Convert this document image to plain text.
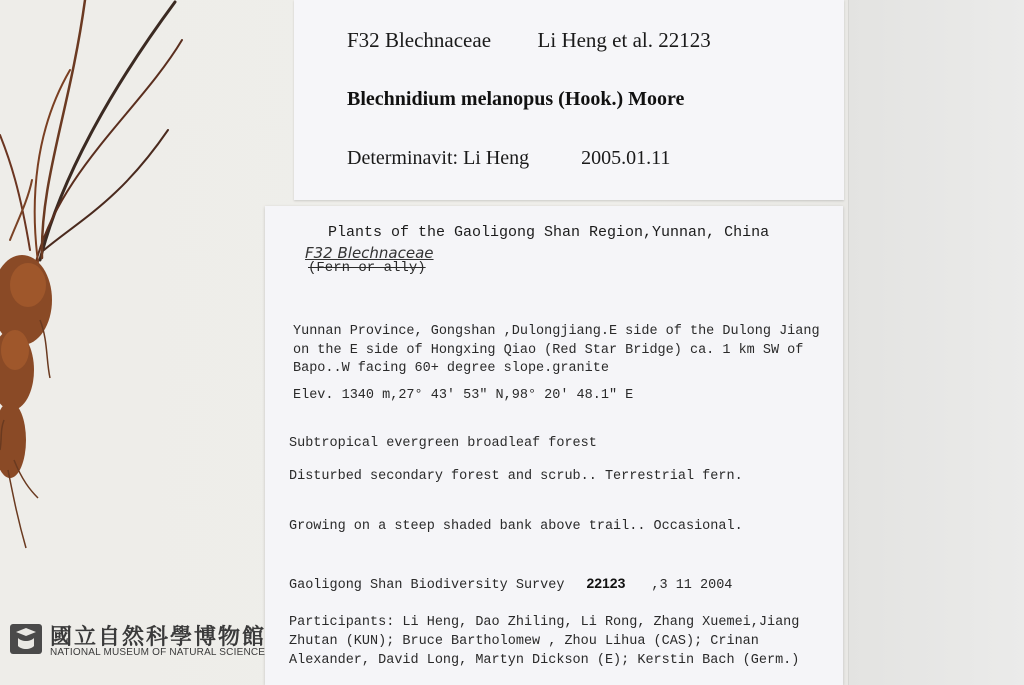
F32 Blechnaceae Li Heng et al. 22123
Blechnidium melanopus (Hook.) Moore
Determinavit: Li Heng	2005.01.11
Plants of the Gaoligong Shan Region,Yunnan, China
F32 Blechnaceae
(Fern or ally)
Yunnan Province, Gongshan ,Dulongjiang.E side of the Dulong Jiang
on the E side of Hongxing Qiao (Red Star Bridge) ca. 1 km SW of
Bapo..W facing 60+ degree slope.granite
Elev. 1340 m,27° 43′ 53″ N,98° 20′ 48.1″ E
Subtropical evergreen broadleaf forest
Disturbed secondary forest and scrub.. Terrestrial fern.
Growing on a steep shaded bank above trail.. Occasional.
Gaoligong Shan Biodiversity Survey 22123 ,3 11 2004
Participants: Li Heng, Dao Zhiling, Li Rong, Zhang Xuemei,Jiang
Zhutan (KUN); Bruce Bartholomew , Zhou Lihua (CAS); Crinan
Alexander, David Long, Martyn Dickson (E); Kerstin Bach (Germ.)
國立自然科學博物館
NATIONAL MUSEUM OF NATURAL SCIENCE
